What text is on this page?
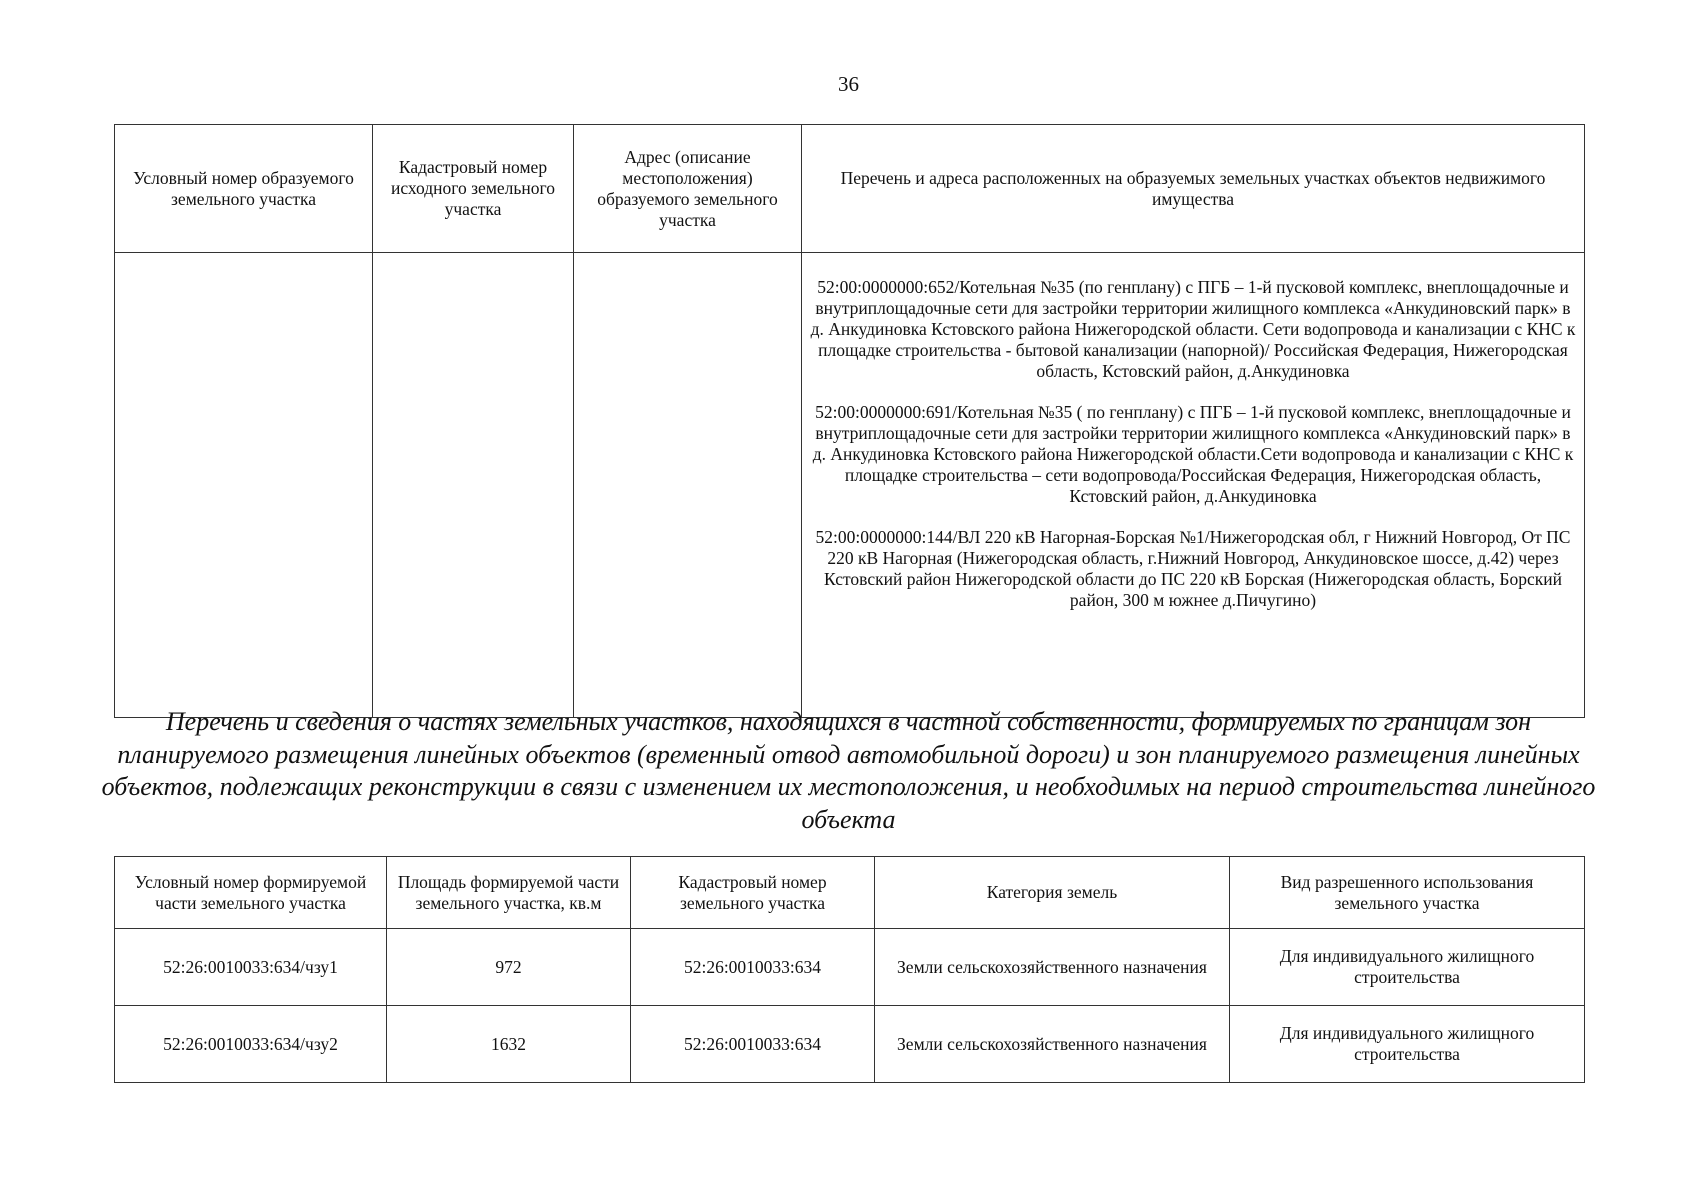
36
Условный номер образуемого земельного участка	Кадастровый номер исходного земельного участка	Адрес (описание местоположения) образуемого земельного участка	Перечень и адреса расположенных на образуемых земельных участках объектов недвижимого имущества

			52:00:0000000:652/Котельная №35 (по генплану) с ПГБ – 1-й пусковой комплекс, внеплощадочные и внутриплощадочные сети для застройки территории жилищного комплекса «Анкудиновский парк» в д. Анкудиновка Кстовского района Нижегородской области. Сети водопровода и канализации с КНС к площадке строительства - бытовой канализации (напорной)/ Российская Федерация, Нижегородская область, Кстовский район, д.Анкудиновка

52:00:0000000:691/Котельная №35 ( по генплану) с ПГБ – 1-й пусковой комплекс, внеплощадочные и внутриплощадочные сети для застройки территории жилищного комплекса «Анкудиновский парк» в д. Анкудиновка Кстовского района Нижегородской области.Сети водопровода и канализации с КНС к площадке строительства – сети водопровода/Российская Федерация, Нижегородская область, Кстовский район, д.Анкудиновка

52:00:0000000:144/ВЛ 220 кВ Нагорная-Борская №1/Нижегородская обл, г Нижний Новгород, От ПС 220 кВ Нагорная (Нижегородская область, г.Нижний Новгород, Анкудиновское шоссе, д.42) через Кстовский район Нижегородской области до ПС 220 кВ Борская (Нижегородская область, Борский район, 300 м южнее д.Пичугино)

Перечень и сведения о частях земельных участков, находящихся в частной собственности, формируемых по границам зон планируемого размещения линейных объектов (временный отвод автомобильной дороги) и зон планируемого размещения линейных объектов, подлежащих реконструкции в связи с изменением их местоположения, и необходимых на период строительства линейного объекта
Условный номер формируемой части земельного участка	Площадь формируемой части земельного участка, кв.м	Кадастровый номер земельного участка	Категория земель	Вид разрешенного использования земельного участка
52:26:0010033:634/чзу1	972	52:26:0010033:634	Земли сельскохозяйственного назначения	Для индивидуального жилищного строительства
52:26:0010033:634/чзу2	1632	52:26:0010033:634	Земли сельскохозяйственного назначения	Для индивидуального жилищного строительства
